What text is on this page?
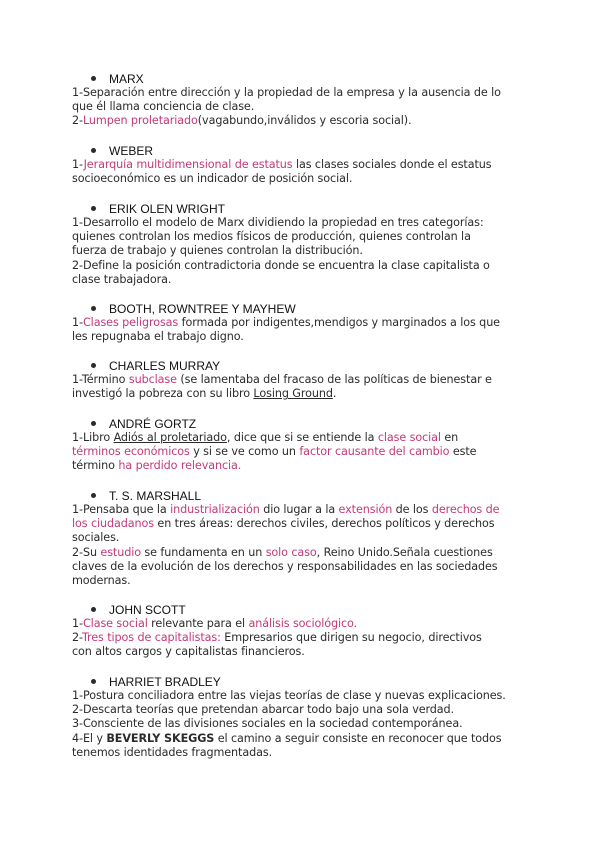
MARX

1-Separación entre dirección y la propiedad de la empresa y la ausencia de lo

que él llama conciencia de clase.

2-Lumpen proletariado(vagabundo,inválidos y escoria social).

WEBER

1-Jerarquía multidimensional de estatus las clases sociales donde el estatus

socioeconómico es un indicador de posición social.

ERIK OLEN WRIGHT

1-Desarrollo el modelo de Marx dividiendo la propiedad en tres categorías:

quienes controlan los medios físicos de producción, quienes controlan la

fuerza de trabajo y quienes controlan la distribución.

2-Define la posición contradictoria donde se encuentra la clase capitalista o

clase trabajadora.

BOOTH, ROWNTREE Y MAYHEW

1-Clases peligrosas formada por indigentes,mendigos y marginados a los que

les repugnaba el trabajo digno.

CHARLES MURRAY

1-Término subclase (se lamentaba del fracaso de las políticas de bienestar e

investigó la pobreza con su libro Losing Ground.

ANDRÉ GORTZ

1-Libro Adiós al proletariado, dice que si se entiende la clase social en

términos económicos y si se ve como un factor causante del cambio este

término ha perdido relevancia.

T. S. MARSHALL

1-Pensaba que la industrialización dio lugar a la extensión de los derechos de

los ciudadanos en tres áreas: derechos civiles, derechos políticos y derechos

sociales.

2-Su estudio se fundamenta en un solo caso, Reino Unido.Señala cuestiones

claves de la evolución de los derechos y responsabilidades en las sociedades

modernas.

JOHN SCOTT

1-Clase social relevante para el análisis sociológico.

2-Tres tipos de capitalistas: Empresarios que dirigen su negocio, directivos

con altos cargos y capitalistas financieros.

HARRIET BRADLEY

1-Postura conciliadora entre las viejas teorías de clase y nuevas explicaciones.

2-Descarta teorías que pretendan abarcar todo bajo una sola verdad.

3-Consciente de las divisiones sociales en la sociedad contemporánea.

4-El y BEVERLY SKEGGS el camino a seguir consiste en reconocer que todos

tenemos identidades fragmentadas.
